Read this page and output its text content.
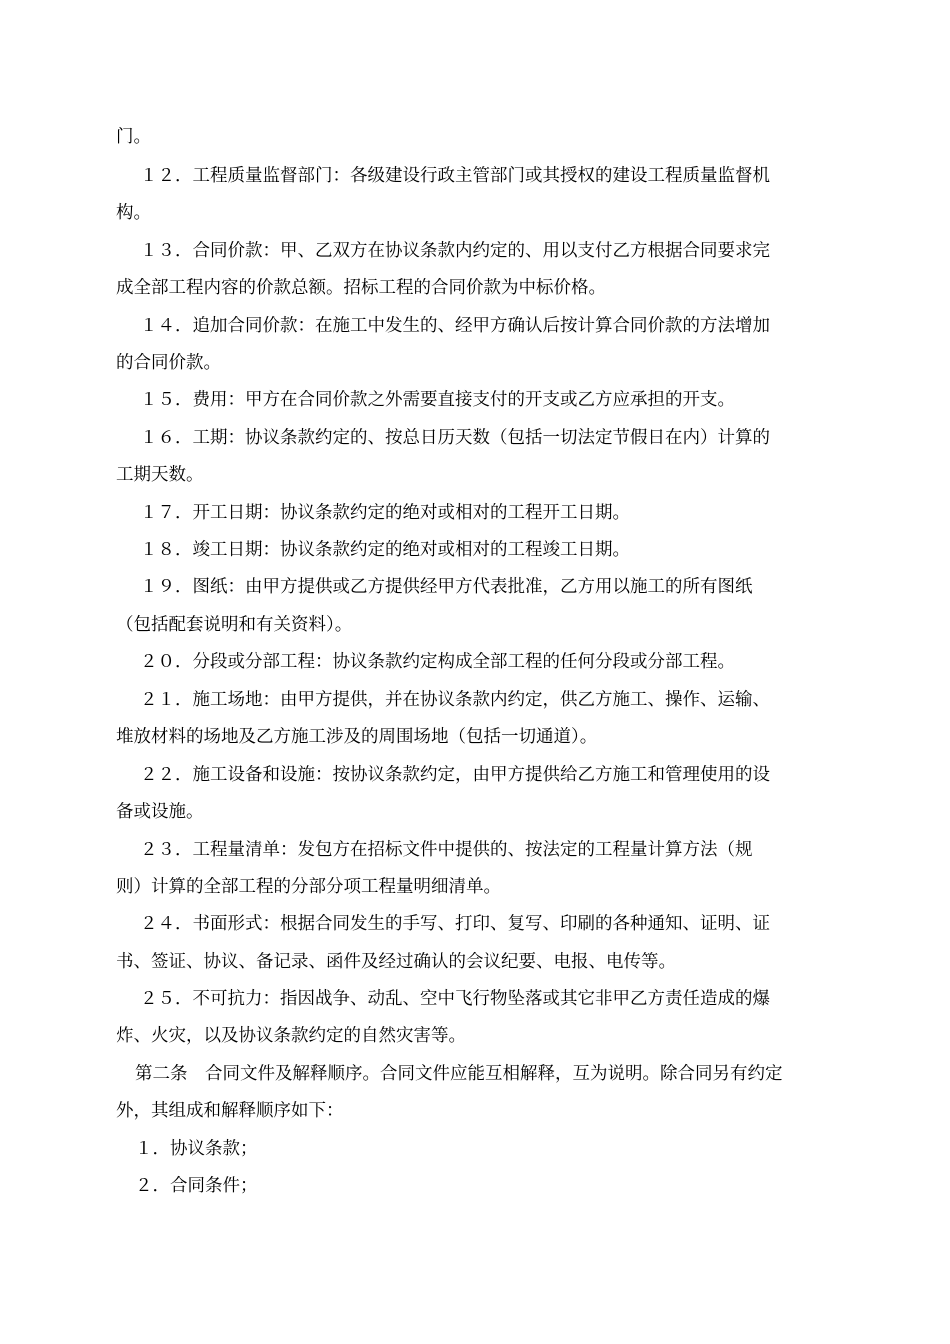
门。
１２．工程质量监督部门：各级建设行政主管部门或其授权的建设工程质量监督机
构。
１３．合同价款：甲、乙双方在协议条款内约定的、用以支付乙方根据合同要求完
成全部工程内容的价款总额。招标工程的合同价款为中标价格。
１４．追加合同价款：在施工中发生的、经甲方确认后按计算合同价款的方法增加
的合同价款。
１５．费用：甲方在合同价款之外需要直接支付的开支或乙方应承担的开支。
１６．工期：协议条款约定的、按总日历天数（包括一切法定节假日在内）计算的
工期天数。
１７．开工日期：协议条款约定的绝对或相对的工程开工日期。
１８．竣工日期：协议条款约定的绝对或相对的工程竣工日期。
１９．图纸：由甲方提供或乙方提供经甲方代表批准，乙方用以施工的所有图纸
（包括配套说明和有关资料）。
２０．分段或分部工程：协议条款约定构成全部工程的任何分段或分部工程。
２１．施工场地：由甲方提供，并在协议条款内约定，供乙方施工、操作、运输、
堆放材料的场地及乙方施工涉及的周围场地（包括一切通道）。
２２．施工设备和设施：按协议条款约定，由甲方提供给乙方施工和管理使用的设
备或设施。
２３．工程量清单：发包方在招标文件中提供的、按法定的工程量计算方法（规
则）计算的全部工程的分部分项工程量明细清单。
２４．书面形式：根据合同发生的手写、打印、复写、印刷的各种通知、证明、证
书、签证、协议、备记录、函件及经过确认的会议纪要、电报、电传等。
２５．不可抗力：指因战争、动乱、空中飞行物坠落或其它非甲乙方责任造成的爆
炸、火灾，以及协议条款约定的自然灾害等。
第二条　合同文件及解释顺序。合同文件应能互相解释，互为说明。除合同另有约定
外，其组成和解释顺序如下：
１．协议条款；
２．合同条件；
